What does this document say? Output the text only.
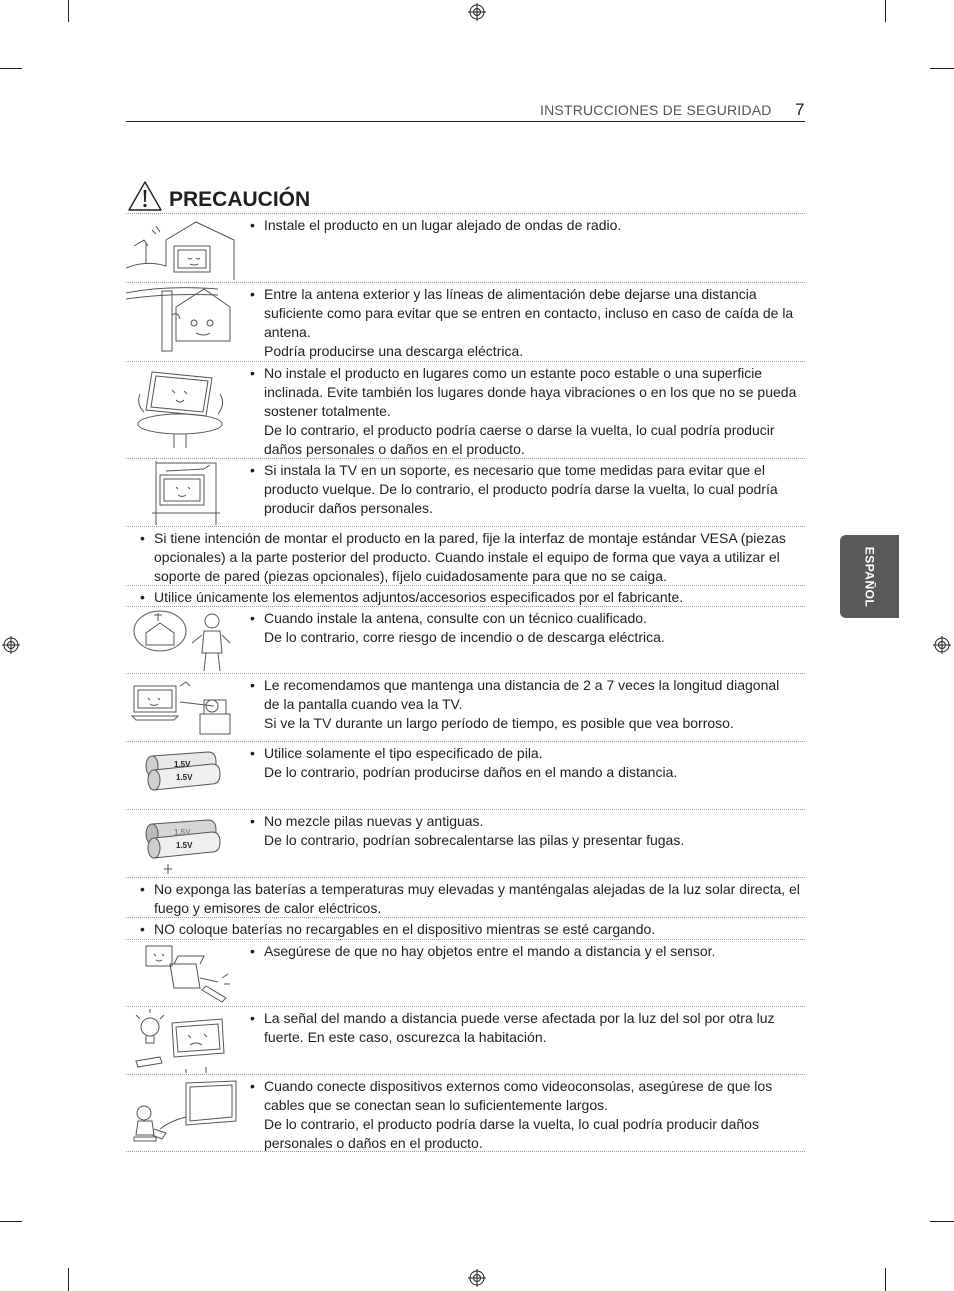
INSTRUCCIONES DE SEGURIDAD 7
PRECAUCIÓN
• Instale el producto en un lugar alejado de ondas de radio.
• Entre la antena exterior y las líneas de alimentación debe dejarse una distancia suficiente como para evitar que se entren en contacto, incluso en caso de caída de la antena.
Podría producirse una descarga eléctrica.
• No instale el producto en lugares como un estante poco estable o una superficie inclinada. Evite también los lugares donde haya vibraciones o en los que no se pueda sostener totalmente.
De lo contrario, el producto podría caerse o darse la vuelta, lo cual podría producir daños personales o daños en el producto.
• Si instala la TV en un soporte, es necesario que tome medidas para evitar que el producto vuelque. De lo contrario, el producto podría darse la vuelta, lo cual podría producir daños personales.
• Si tiene intención de montar el producto en la pared, fije la interfaz de montaje estándar VESA (piezas opcionales) a la parte posterior del producto. Cuando instale el equipo de forma que vaya a utilizar el soporte de pared (piezas opcionales), fíjelo cuidadosamente para que no se caiga.
• Utilice únicamente los elementos adjuntos/accesorios especificados por el fabricante.
• Cuando instale la antena, consulte con un técnico cualificado.
De lo contrario, corre riesgo de incendio o de descarga eléctrica.
• Le recomendamos que mantenga una distancia de 2 a 7 veces la longitud diagonal de la pantalla cuando vea la TV.
Si ve la TV durante un largo período de tiempo, es posible que vea borroso.
1.5V
1.5V
• Utilice solamente el tipo especificado de pila.
De lo contrario, podrían producirse daños en el mando a distancia.
1.5V
1.5V
• No mezcle pilas nuevas y antiguas.
De lo contrario, podrían sobrecalentarse las pilas y presentar fugas.
• No exponga las baterías a temperaturas muy elevadas y manténgalas alejadas de la luz solar directa, el fuego y emisores de calor eléctricos.
• NO coloque baterías no recargables en el dispositivo mientras se esté cargando.
• Asegúrese de que no hay objetos entre el mando a distancia y el sensor.
• La señal del mando a distancia puede verse afectada por la luz del sol por otra luz fuerte. En este caso, oscurezca la habitación.
• Cuando conecte dispositivos externos como videoconsolas, asegúrese de que los cables que se conectan sean lo suficientemente largos.
De lo contrario, el producto podría darse la vuelta, lo cual podría producir daños personales o daños en el producto.
ESPAÑOL
